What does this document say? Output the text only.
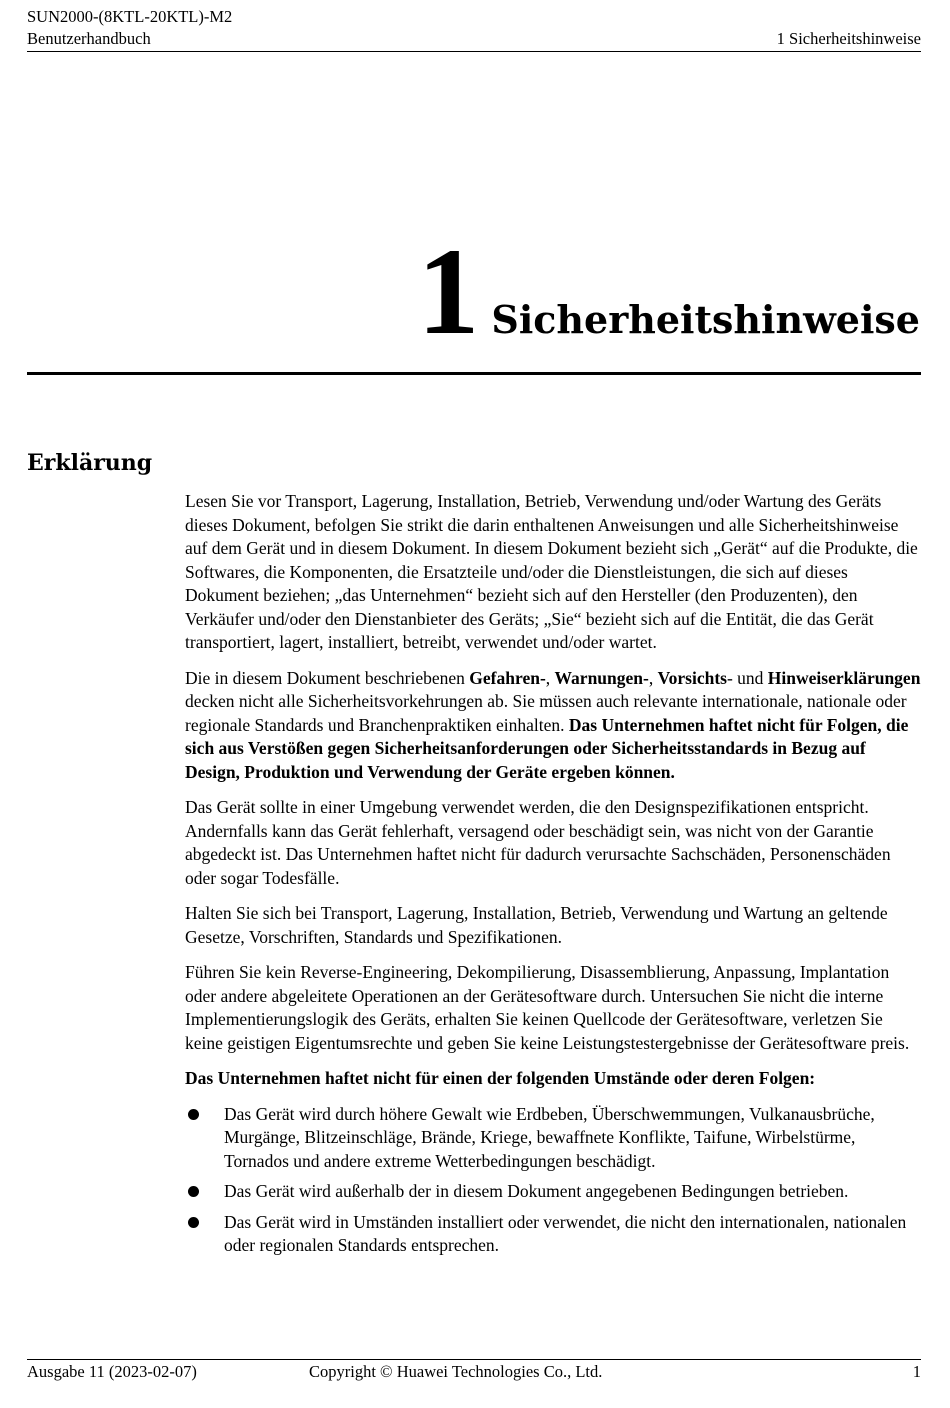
SUN2000-(8KTL-20KTL)-M2
Benutzerhandbuch	1 Sicherheitshinweise
1 Sicherheitshinweise
Erklärung

Lesen Sie vor Transport, Lagerung, Installation, Betrieb, Verwendung und/oder Wartung des Geräts dieses Dokument, befolgen Sie strikt die darin enthaltenen Anweisungen und alle Sicherheitshinweise auf dem Gerät und in diesem Dokument. In diesem Dokument bezieht sich „Gerät“ auf die Produkte, die Softwares, die Komponenten, die Ersatzteile und/oder die Dienstleistungen, die sich auf dieses Dokument beziehen; „das Unternehmen“ bezieht sich auf den Hersteller (den Produzenten), den Verkäufer und/oder den Dienstanbieter des Geräts; „Sie“ bezieht sich auf die Entität, die das Gerät transportiert, lagert, installiert, betreibt, verwendet und/oder wartet.

Die in diesem Dokument beschriebenen Gefahren-, Warnungen-, Vorsichts- und Hinweiserklärungen decken nicht alle Sicherheitsvorkehrungen ab. Sie müssen auch relevante internationale, nationale oder regionale Standards und Branchenpraktiken einhalten. Das Unternehmen haftet nicht für Folgen, die sich aus Verstößen gegen Sicherheitsanforderungen oder Sicherheitsstandards in Bezug auf Design, Produktion und Verwendung der Geräte ergeben können.

Das Gerät sollte in einer Umgebung verwendet werden, die den Designspezifikationen entspricht. Andernfalls kann das Gerät fehlerhaft, versagend oder beschädigt sein, was nicht von der Garantie abgedeckt ist. Das Unternehmen haftet nicht für dadurch verursachte Sachschäden, Personenschäden oder sogar Todesfälle.

Halten Sie sich bei Transport, Lagerung, Installation, Betrieb, Verwendung und Wartung an geltende Gesetze, Vorschriften, Standards und Spezifikationen.

Führen Sie kein Reverse-Engineering, Dekompilierung, Disassemblierung, Anpassung, Implantation oder andere abgeleitete Operationen an der Gerätesoftware durch. Untersuchen Sie nicht die interne Implementierungslogik des Geräts, erhalten Sie keinen Quellcode der Gerätesoftware, verletzen Sie keine geistigen Eigentumsrechte und geben Sie keine Leistungstestergebnisse der Gerätesoftware preis.

Das Unternehmen haftet nicht für einen der folgenden Umstände oder deren Folgen:

Das Gerät wird durch höhere Gewalt wie Erdbeben, Überschwemmungen, Vulkanausbrüche, Murgänge, Blitzeinschläge, Brände, Kriege, bewaffnete Konflikte, Taifune, Wirbelstürme, Tornados und andere extreme Wetterbedingungen beschädigt.
Das Gerät wird außerhalb der in diesem Dokument angegebenen Bedingungen betrieben.
Das Gerät wird in Umständen installiert oder verwendet, die nicht den internationalen, nationalen oder regionalen Standards entsprechen.
Ausgabe 11 (2023-02-07)	Copyright © Huawei Technologies Co., Ltd.	1
